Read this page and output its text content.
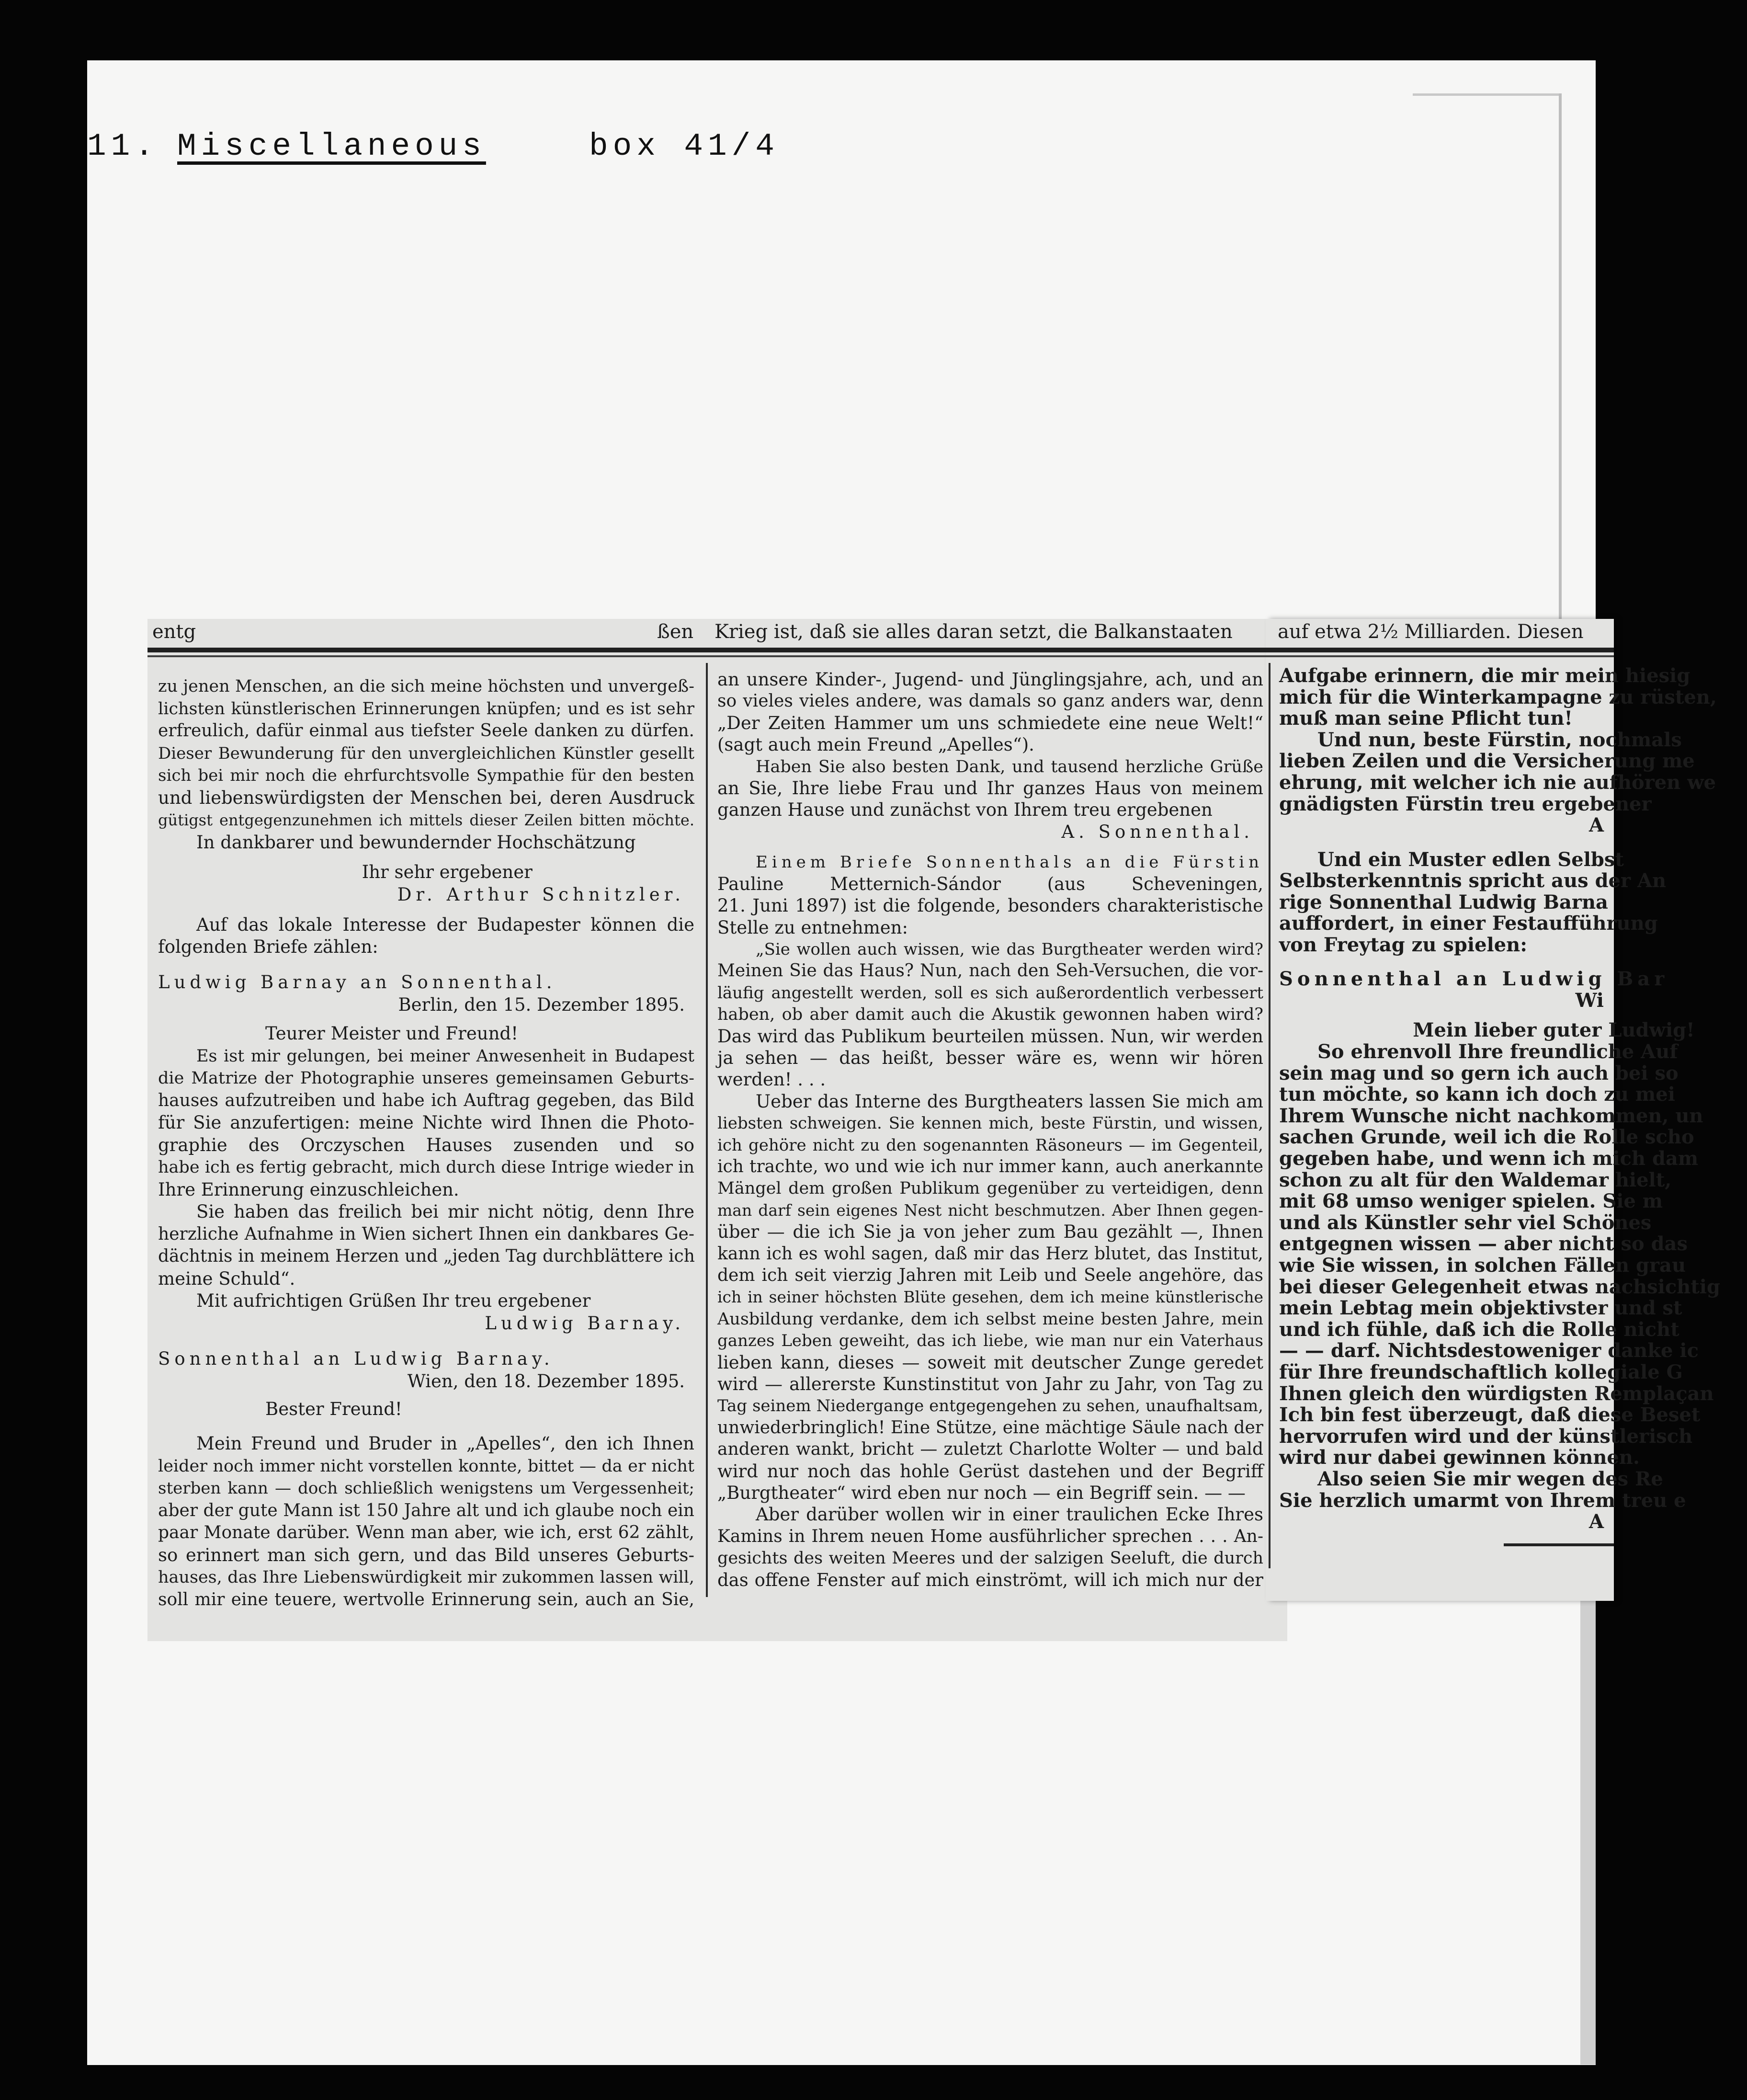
11. Miscellaneous	box 41/4
entg	ßen Krieg ist, daß sie alles daran setzt, die Balkanstaaten auf etwa 2½ Milliarden. Diesen
zu jenen Menschen, an die sich meine höchsten und unvergeß-
lichsten künstlerischen Erinnerungen knüpfen; und es ist sehr
erfreulich, dafür einmal aus tiefster Seele danken zu dürfen.
Dieser Bewunderung für den unvergleichlichen Künstler gesellt
sich bei mir noch die ehrfurchtsvolle Sympathie für den besten
und liebenswürdigsten der Menschen bei, deren Ausdruck
gütigst entgegenzunehmen ich mittels dieser Zeilen bitten möchte.
In dankbarer und bewundernder Hochschätzung
Ihr sehr ergebener
Dr. Arthur Schnitzler.
Auf das lokale Interesse der Budapester können die
folgenden Briefe zählen:
Ludwig Barnay an Sonnenthal.
Berlin, den 15. Dezember 1895.
Teurer Meister und Freund!
Es ist mir gelungen, bei meiner Anwesenheit in Budapest
die Matrize der Photographie unseres gemeinsamen Geburts-
hauses aufzutreiben und habe ich Auftrag gegeben, das Bild
für Sie anzufertigen: meine Nichte wird Ihnen die Photo-
graphie des Orczyschen Hauses zusenden und so
habe ich es fertig gebracht, mich durch diese Intrige wieder in
Ihre Erinnerung einzuschleichen.
Sie haben das freilich bei mir nicht nötig, denn Ihre
herzliche Aufnahme in Wien sichert Ihnen ein dankbares Ge-
dächtnis in meinem Herzen und „jeden Tag durchblättere ich
meine Schuld“.
Mit aufrichtigen Grüßen Ihr treu ergebener
Ludwig Barnay.
Sonnenthal an Ludwig Barnay.
Wien, den 18. Dezember 1895.
Bester Freund!
Mein Freund und Bruder in „Apelles“, den ich Ihnen
leider noch immer nicht vorstellen konnte, bittet — da er nicht
sterben kann — doch schließlich wenigstens um Vergessenheit;
aber der gute Mann ist 150 Jahre alt und ich glaube noch ein
paar Monate darüber. Wenn man aber, wie ich, erst 62 zählt,
so erinnert man sich gern, und das Bild unseres Geburts-
hauses, das Ihre Liebenswürdigkeit mir zukommen lassen will,
soll mir eine teuere, wertvolle Erinnerung sein, auch an Sie,
an unsere Kinder-, Jugend- und Jünglingsjahre, ach, und an
so vieles vieles andere, was damals so ganz anders war, denn
„Der Zeiten Hammer um uns schmiedete eine neue Welt!“
(sagt auch mein Freund „Apelles“).
Haben Sie also besten Dank, und tausend herzliche Grüße
an Sie, Ihre liebe Frau und Ihr ganzes Haus von meinem
ganzen Hause und zunächst von Ihrem treu ergebenen
A. Sonnenthal.
Einem Briefe Sonnenthals an die Fürstin
Pauline Metternich-Sándor (aus Scheveningen,
21. Juni 1897) ist die folgende, besonders charakteristische
Stelle zu entnehmen:
„Sie wollen auch wissen, wie das Burgtheater werden wird?
Meinen Sie das Haus? Nun, nach den Seh-Versuchen, die vor-
läufig angestellt werden, soll es sich außerordentlich verbessert
haben, ob aber damit auch die Akustik gewonnen haben wird?
Das wird das Publikum beurteilen müssen. Nun, wir werden
ja sehen — das heißt, besser wäre es, wenn wir hören
werden! . . .
Ueber das Interne des Burgtheaters lassen Sie mich am
liebsten schweigen. Sie kennen mich, beste Fürstin, und wissen,
ich gehöre nicht zu den sogenannten Räsoneurs — im Gegenteil,
ich trachte, wo und wie ich nur immer kann, auch anerkannte
Mängel dem großen Publikum gegenüber zu verteidigen, denn
man darf sein eigenes Nest nicht beschmutzen. Aber Ihnen gegen-
über — die ich Sie ja von jeher zum Bau gezählt —, Ihnen
kann ich es wohl sagen, daß mir das Herz blutet, das Institut,
dem ich seit vierzig Jahren mit Leib und Seele angehöre, das
ich in seiner höchsten Blüte gesehen, dem ich meine künstlerische
Ausbildung verdanke, dem ich selbst meine besten Jahre, mein
ganzes Leben geweiht, das ich liebe, wie man nur ein Vaterhaus
lieben kann, dieses — soweit mit deutscher Zunge geredet
wird — allererste Kunstinstitut von Jahr zu Jahr, von Tag zu
Tag seinem Niedergange entgegengehen zu sehen, unaufhaltsam,
unwiederbringlich! Eine Stütze, eine mächtige Säule nach der
anderen wankt, bricht — zuletzt Charlotte Wolter — und bald
wird nur noch das hohle Gerüst dastehen und der Begriff
„Burgtheater“ wird eben nur noch — ein Begriff sein. — —
Aber darüber wollen wir in einer traulichen Ecke Ihres
Kamins in Ihrem neuen Home ausführlicher sprechen . . . An-
gesichts des weiten Meeres und der salzigen Seeluft, die durch
das offene Fenster auf mich einströmt, will ich mich nur der
Aufgabe erinnern, die mir mein hiesig
mich für die Winterkampagne zu rüsten,
muß man seine Pflicht tun!
Und nun, beste Fürstin, nochmals
lieben Zeilen und die Versicherung me
ehrung, mit welcher ich nie aufhören we
gnädigsten Fürstin treu ergebener
A
Und ein Muster edlen Selbst
Selbsterkenntnis spricht aus der An
rige Sonnenthal Ludwig Barna
auffordert, in einer Festaufführung
von Freytag zu spielen:
Sonnenthal an Ludwig Bar
Wi
Mein lieber guter Ludwig!
So ehrenvoll Ihre freundliche Auf
sein mag und so gern ich auch bei so
tun möchte, so kann ich doch zu mei
Ihrem Wunsche nicht nachkommen, un
sachen Grunde, weil ich die Rolle scho
gegeben habe, und wenn ich mich dam
schon zu alt für den Waldemar hielt,
mit 68 umso weniger spielen. Sie m
und als Künstler sehr viel Schönes
entgegnen wissen — aber nicht so das
wie Sie wissen, in solchen Fällen grau
bei dieser Gelegenheit etwas nachsichtig
mein Lebtag mein objektivster und st
und ich fühle, daß ich die Rolle nicht
— — darf. Nichtsdestoweniger danke ic
für Ihre freundschaftlich kollegiale G
Ihnen gleich den würdigsten Remplaçan
Ich bin fest überzeugt, daß diese Beset
hervorrufen wird und der künstlerisch
wird nur dabei gewinnen können.
Also seien Sie mir wegen des Re
Sie herzlich umarmt von Ihrem treu e
A
